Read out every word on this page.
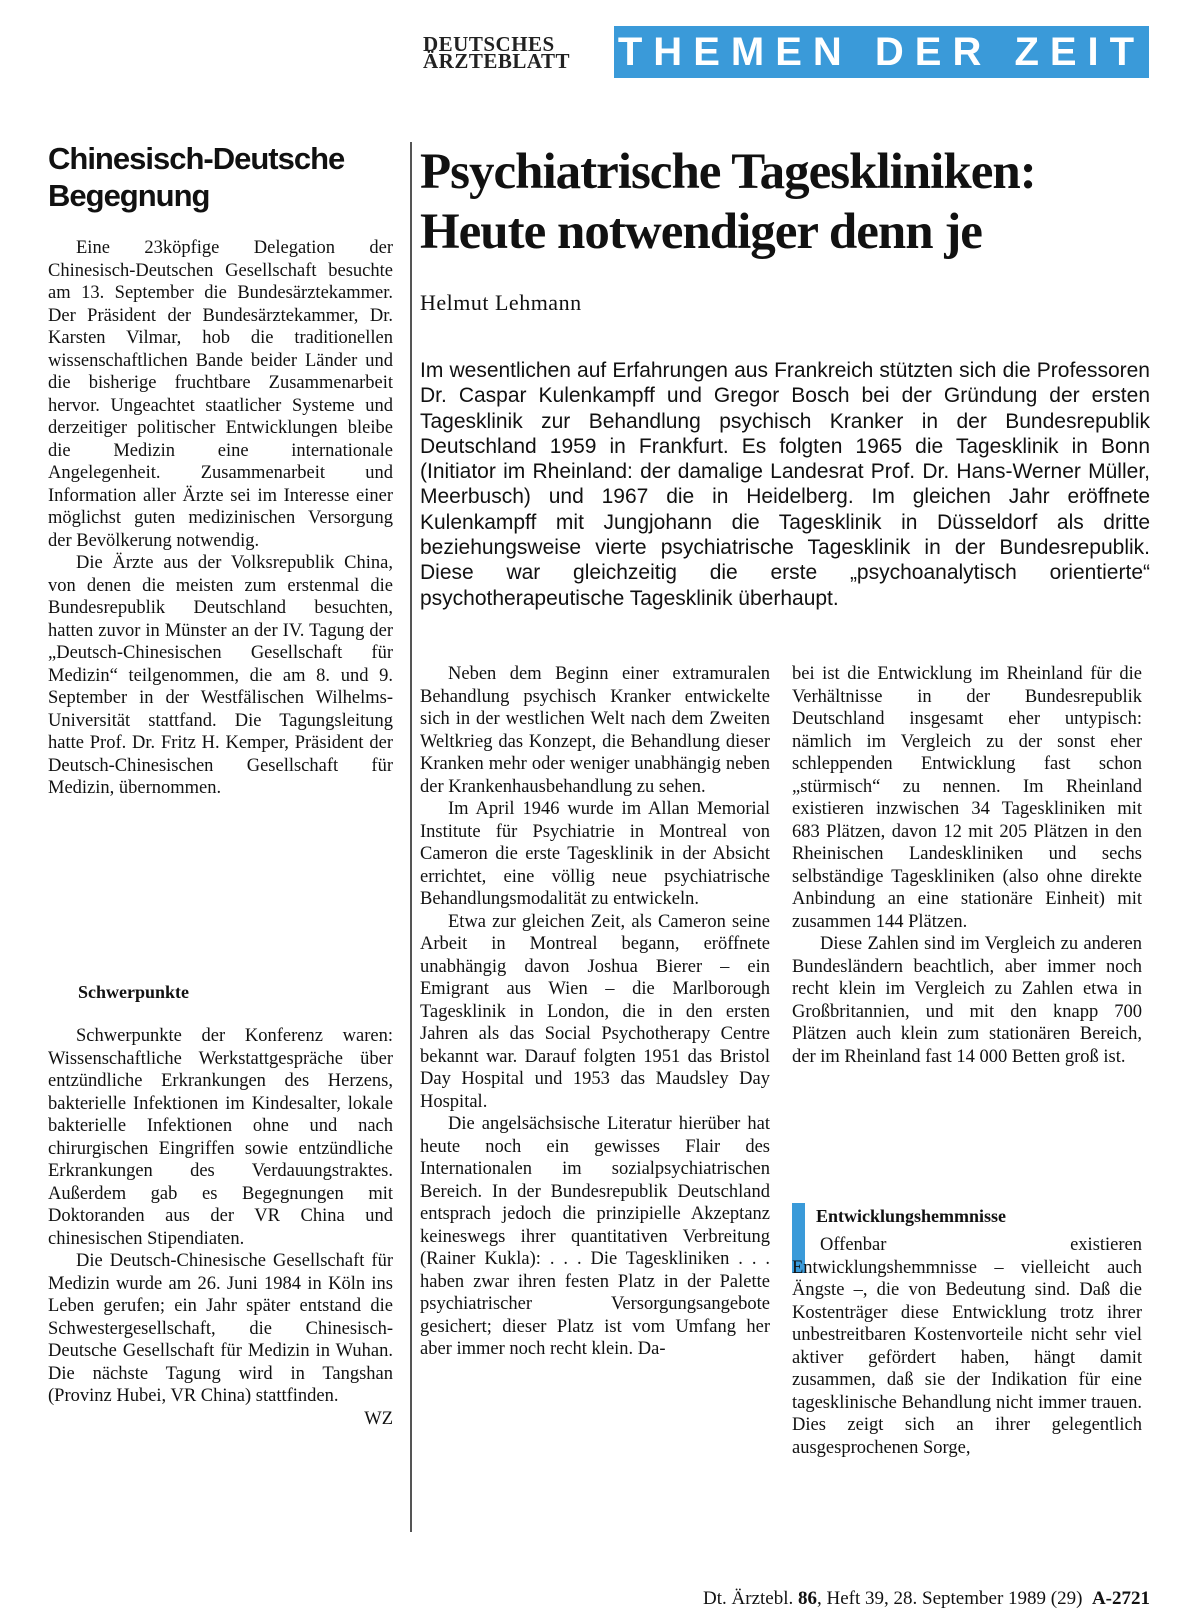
DEUTSCHES
ÄRZTEBLATT	THEMEN DER ZEIT
Chinesisch-Deutsche Begegnung

Eine 23köpfige Delegation der Chinesisch-Deutschen Gesellschaft besuchte am 13. September die Bundesärztekammer. Der Präsident der Bundesärztekammer, Dr. Karsten Vilmar, hob die traditionellen wissenschaftlichen Bande beider Länder und die bisherige fruchtbare Zusammenarbeit hervor. Ungeachtet staatlicher Systeme und derzeitiger politischer Entwicklungen bleibe die Medizin eine internationale Angelegenheit. Zusammenarbeit und Information aller Ärzte sei im Interesse einer möglichst guten medizinischen Versorgung der Bevölkerung notwendig.

Die Ärzte aus der Volksrepublik China, von denen die meisten zum erstenmal die Bundesrepublik Deutschland besuchten, hatten zuvor in Münster an der IV. Tagung der „Deutsch-Chinesischen Gesellschaft für Medizin“ teilgenommen, die am 8. und 9. September in der Westfälischen Wilhelms-Universität stattfand. Die Tagungsleitung hatte Prof. Dr. Fritz H. Kemper, Präsident der Deutsch-Chinesischen Gesellschaft für Medizin, übernommen.

Schwerpunkte

Schwerpunkte der Konferenz waren: Wissenschaftliche Werkstattgespräche über entzündliche Erkrankungen des Herzens, bakterielle Infektionen im Kindesalter, lokale bakterielle Infektionen ohne und nach chirurgischen Eingriffen sowie entzündliche Erkrankungen des Verdauungstraktes. Außerdem gab es Begegnungen mit Doktoranden aus der VR China und chinesischen Stipendiaten.

Die Deutsch-Chinesische Gesellschaft für Medizin wurde am 26. Juni 1984 in Köln ins Leben gerufen; ein Jahr später entstand die Schwestergesellschaft, die Chinesisch-Deutsche Gesellschaft für Medizin in Wuhan. Die nächste Tagung wird in Tangshan (Provinz Hubei, VR China) stattfinden.
WZ

Psychiatrische Tageskliniken:
Heute notwendiger denn je
Helmut Lehmann
Im wesentlichen auf Erfahrungen aus Frankreich stützten sich die Professoren Dr. Caspar Kulenkampff und Gregor Bosch bei der Gründung der ersten Tagesklinik zur Behandlung psychisch Kranker in der Bundesrepublik Deutschland 1959 in Frankfurt. Es folgten 1965 die Tagesklinik in Bonn (Initiator im Rheinland: der damalige Landesrat Prof. Dr. Hans-Werner Müller, Meerbusch) und 1967 die in Heidelberg. Im gleichen Jahr eröffnete Kulenkampff mit Jungjohann die Tagesklinik in Düsseldorf als dritte beziehungsweise vierte psychiatrische Tagesklinik in der Bundesrepublik. Diese war gleichzeitig die erste „psychoanalytisch orientierte“ psychotherapeutische Tagesklinik überhaupt.

Neben dem Beginn einer extramuralen Behandlung psychisch Kranker entwickelte sich in der westlichen Welt nach dem Zweiten Weltkrieg das Konzept, die Behandlung dieser Kranken mehr oder weniger unabhängig neben der Krankenhausbehandlung zu sehen.

Im April 1946 wurde im Allan Memorial Institute für Psychiatrie in Montreal von Cameron die erste Tagesklinik in der Absicht errichtet, eine völlig neue psychiatrische Behandlungsmodalität zu entwickeln.

Etwa zur gleichen Zeit, als Cameron seine Arbeit in Montreal begann, eröffnete unabhängig davon Joshua Bierer – ein Emigrant aus Wien – die Marlborough Tagesklinik in London, die in den ersten Jahren als das Social Psychotherapy Centre bekannt war. Darauf folgten 1951 das Bristol Day Hospital und 1953 das Maudsley Day Hospital.

Die angelsächsische Literatur hierüber hat heute noch ein gewisses Flair des Internationalen im sozialpsychiatrischen Bereich. In der Bundesrepublik Deutschland entsprach jedoch die prinzipielle Akzeptanz keineswegs ihrer quantitativen Verbreitung (Rainer Kukla): . . . Die Tageskliniken . . . haben zwar ihren festen Platz in der Palette psychiatrischer Versorgungsangebote gesichert; dieser Platz ist vom Umfang her aber immer noch recht klein. Da-

bei ist die Entwicklung im Rheinland für die Verhältnisse in der Bundesrepublik Deutschland insgesamt eher untypisch: nämlich im Vergleich zu der sonst eher schleppenden Entwicklung fast schon „stürmisch“ zu nennen. Im Rheinland existieren inzwischen 34 Tageskliniken mit 683 Plätzen, davon 12 mit 205 Plätzen in den Rheinischen Landeskliniken und sechs selbständige Tageskliniken (also ohne direkte Anbindung an eine stationäre Einheit) mit zusammen 144 Plätzen.

Diese Zahlen sind im Vergleich zu anderen Bundesländern beachtlich, aber immer noch recht klein im Vergleich zu Zahlen etwa in Großbritannien, und mit den knapp 700 Plätzen auch klein zum stationären Bereich, der im Rheinland fast 14 000 Betten groß ist.

Entwicklungshemmnisse

Offenbar existieren Entwicklungshemmnisse – vielleicht auch Ängste –, die von Bedeutung sind. Daß die Kostenträger diese Entwicklung trotz ihrer unbestreitbaren Kostenvorteile nicht sehr viel aktiver gefördert haben, hängt damit zusammen, daß sie der Indikation für eine tagesklinische Behandlung nicht immer trauen. Dies zeigt sich an ihrer gelegentlich ausgesprochenen Sorge,

Dt. Ärztebl. 86, Heft 39, 28. September 1989 (29) A-2721
